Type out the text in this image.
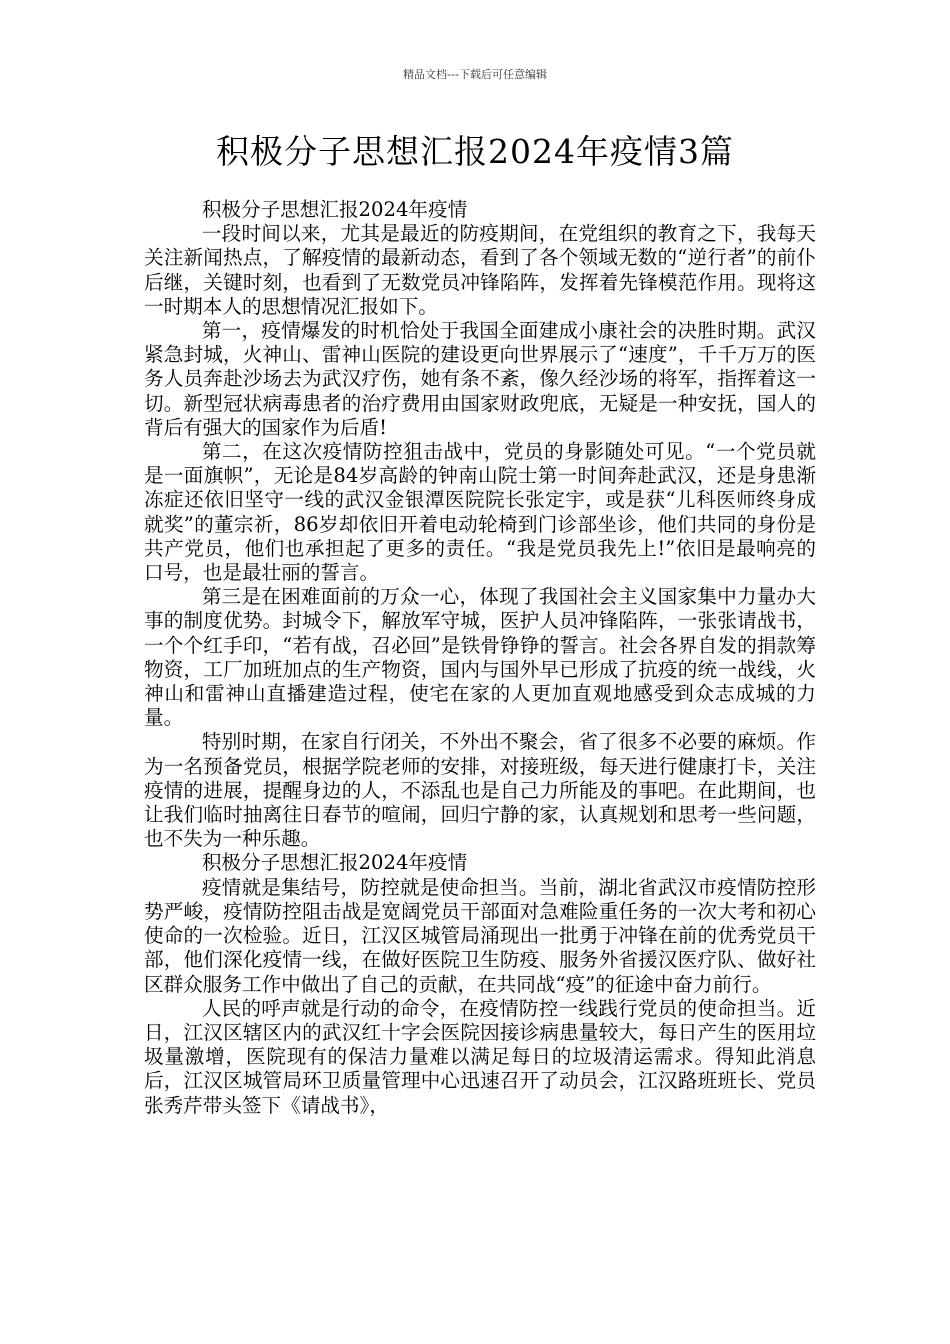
精品文档---下载后可任意编辑
积极分子思想汇报2024年疫情3篇

积极分子思想汇报2024年疫情

一段时间以来，尤其是最近的防疫期间，在党组织的教育之下，我每天关注新闻热点，了解疫情的最新动态，看到了各个领域无数的“逆行者”的前仆后继，关键时刻，也看到了无数党员冲锋陷阵，发挥着先锋模范作用。现将这一时期本人的思想情况汇报如下。

第一，疫情爆发的时机恰处于我国全面建成小康社会的决胜时期。武汉紧急封城，火神山、雷神山医院的建设更向世界展示了“速度”，千千万万的医务人员奔赴沙场去为武汉疗伤，她有条不紊，像久经沙场的将军，指挥着这一切。新型冠状病毒患者的治疗费用由国家财政兜底，无疑是一种安抚，国人的背后有强大的国家作为后盾!

第二，在这次疫情防控狙击战中，党员的身影随处可见。“一个党员就是一面旗帜”，无论是84岁高龄的钟南山院士第一时间奔赴武汉，还是身患渐冻症还依旧坚守一线的武汉金银潭医院院长张定宇，或是获“儿科医师终身成就奖”的董宗祈，86岁却依旧开着电动轮椅到门诊部坐诊，他们共同的身份是共产党员，他们也承担起了更多的责任。“我是党员我先上!”依旧是最响亮的口号，也是最壮丽的誓言。

第三是在困难面前的万众一心，体现了我国社会主义国家集中力量办大事的制度优势。封城令下，解放军守城，医护人员冲锋陷阵，一张张请战书，一个个红手印，“若有战，召必回”是铁骨铮铮的誓言。社会各界自发的捐款筹物资，工厂加班加点的生产物资，国内与国外早已形成了抗疫的统一战线，火神山和雷神山直播建造过程，使宅在家的人更加直观地感受到众志成城的力量。

特别时期，在家自行闭关，不外出不聚会，省了很多不必要的麻烦。作为一名预备党员，根据学院老师的安排，对接班级，每天进行健康打卡，关注疫情的进展，提醒身边的人，不添乱也是自己力所能及的事吧。在此期间，也让我们临时抽离往日春节的喧闹，回归宁静的家，认真规划和思考一些问题，也不失为一种乐趣。

积极分子思想汇报2024年疫情

疫情就是集结号，防控就是使命担当。当前，湖北省武汉市疫情防控形势严峻，疫情防控阻击战是宽阔党员干部面对急难险重任务的一次大考和初心使命的一次检验。近日，江汉区城管局涌现出一批勇于冲锋在前的优秀党员干部，他们深化疫情一线，在做好医院卫生防疫、服务外省援汉医疗队、做好社区群众服务工作中做出了自己的贡献，在共同战“疫”的征途中奋力前行。

人民的呼声就是行动的命令，在疫情防控一线践行党员的使命担当。近日，江汉区辖区内的武汉红十字会医院因接诊病患量较大，每日产生的医用垃圾量激增，医院现有的保洁力量难以满足每日的垃圾清运需求。得知此消息后，江汉区城管局环卫质量管理中心迅速召开了动员会，江汉路班班长、党员张秀芹带头签下《请战书》，
